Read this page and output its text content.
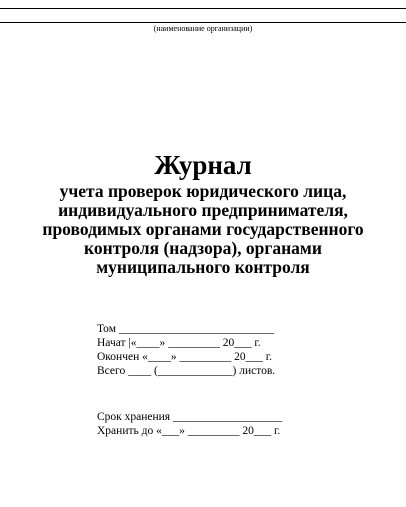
(наименование организации)
Журнал
учета проверок юридического лица,
индивидуального предпринимателя,
проводимых органами государственного
контроля (надзора), органами
муниципального контроля
Том ___________________________
Начат |«____» _________ 20___ г.
Окончен «____» _________ 20___ г.
Всего ____ (_____________) листов.
Срок хранения ___________________
Хранить до «___» _________ 20___ г.
